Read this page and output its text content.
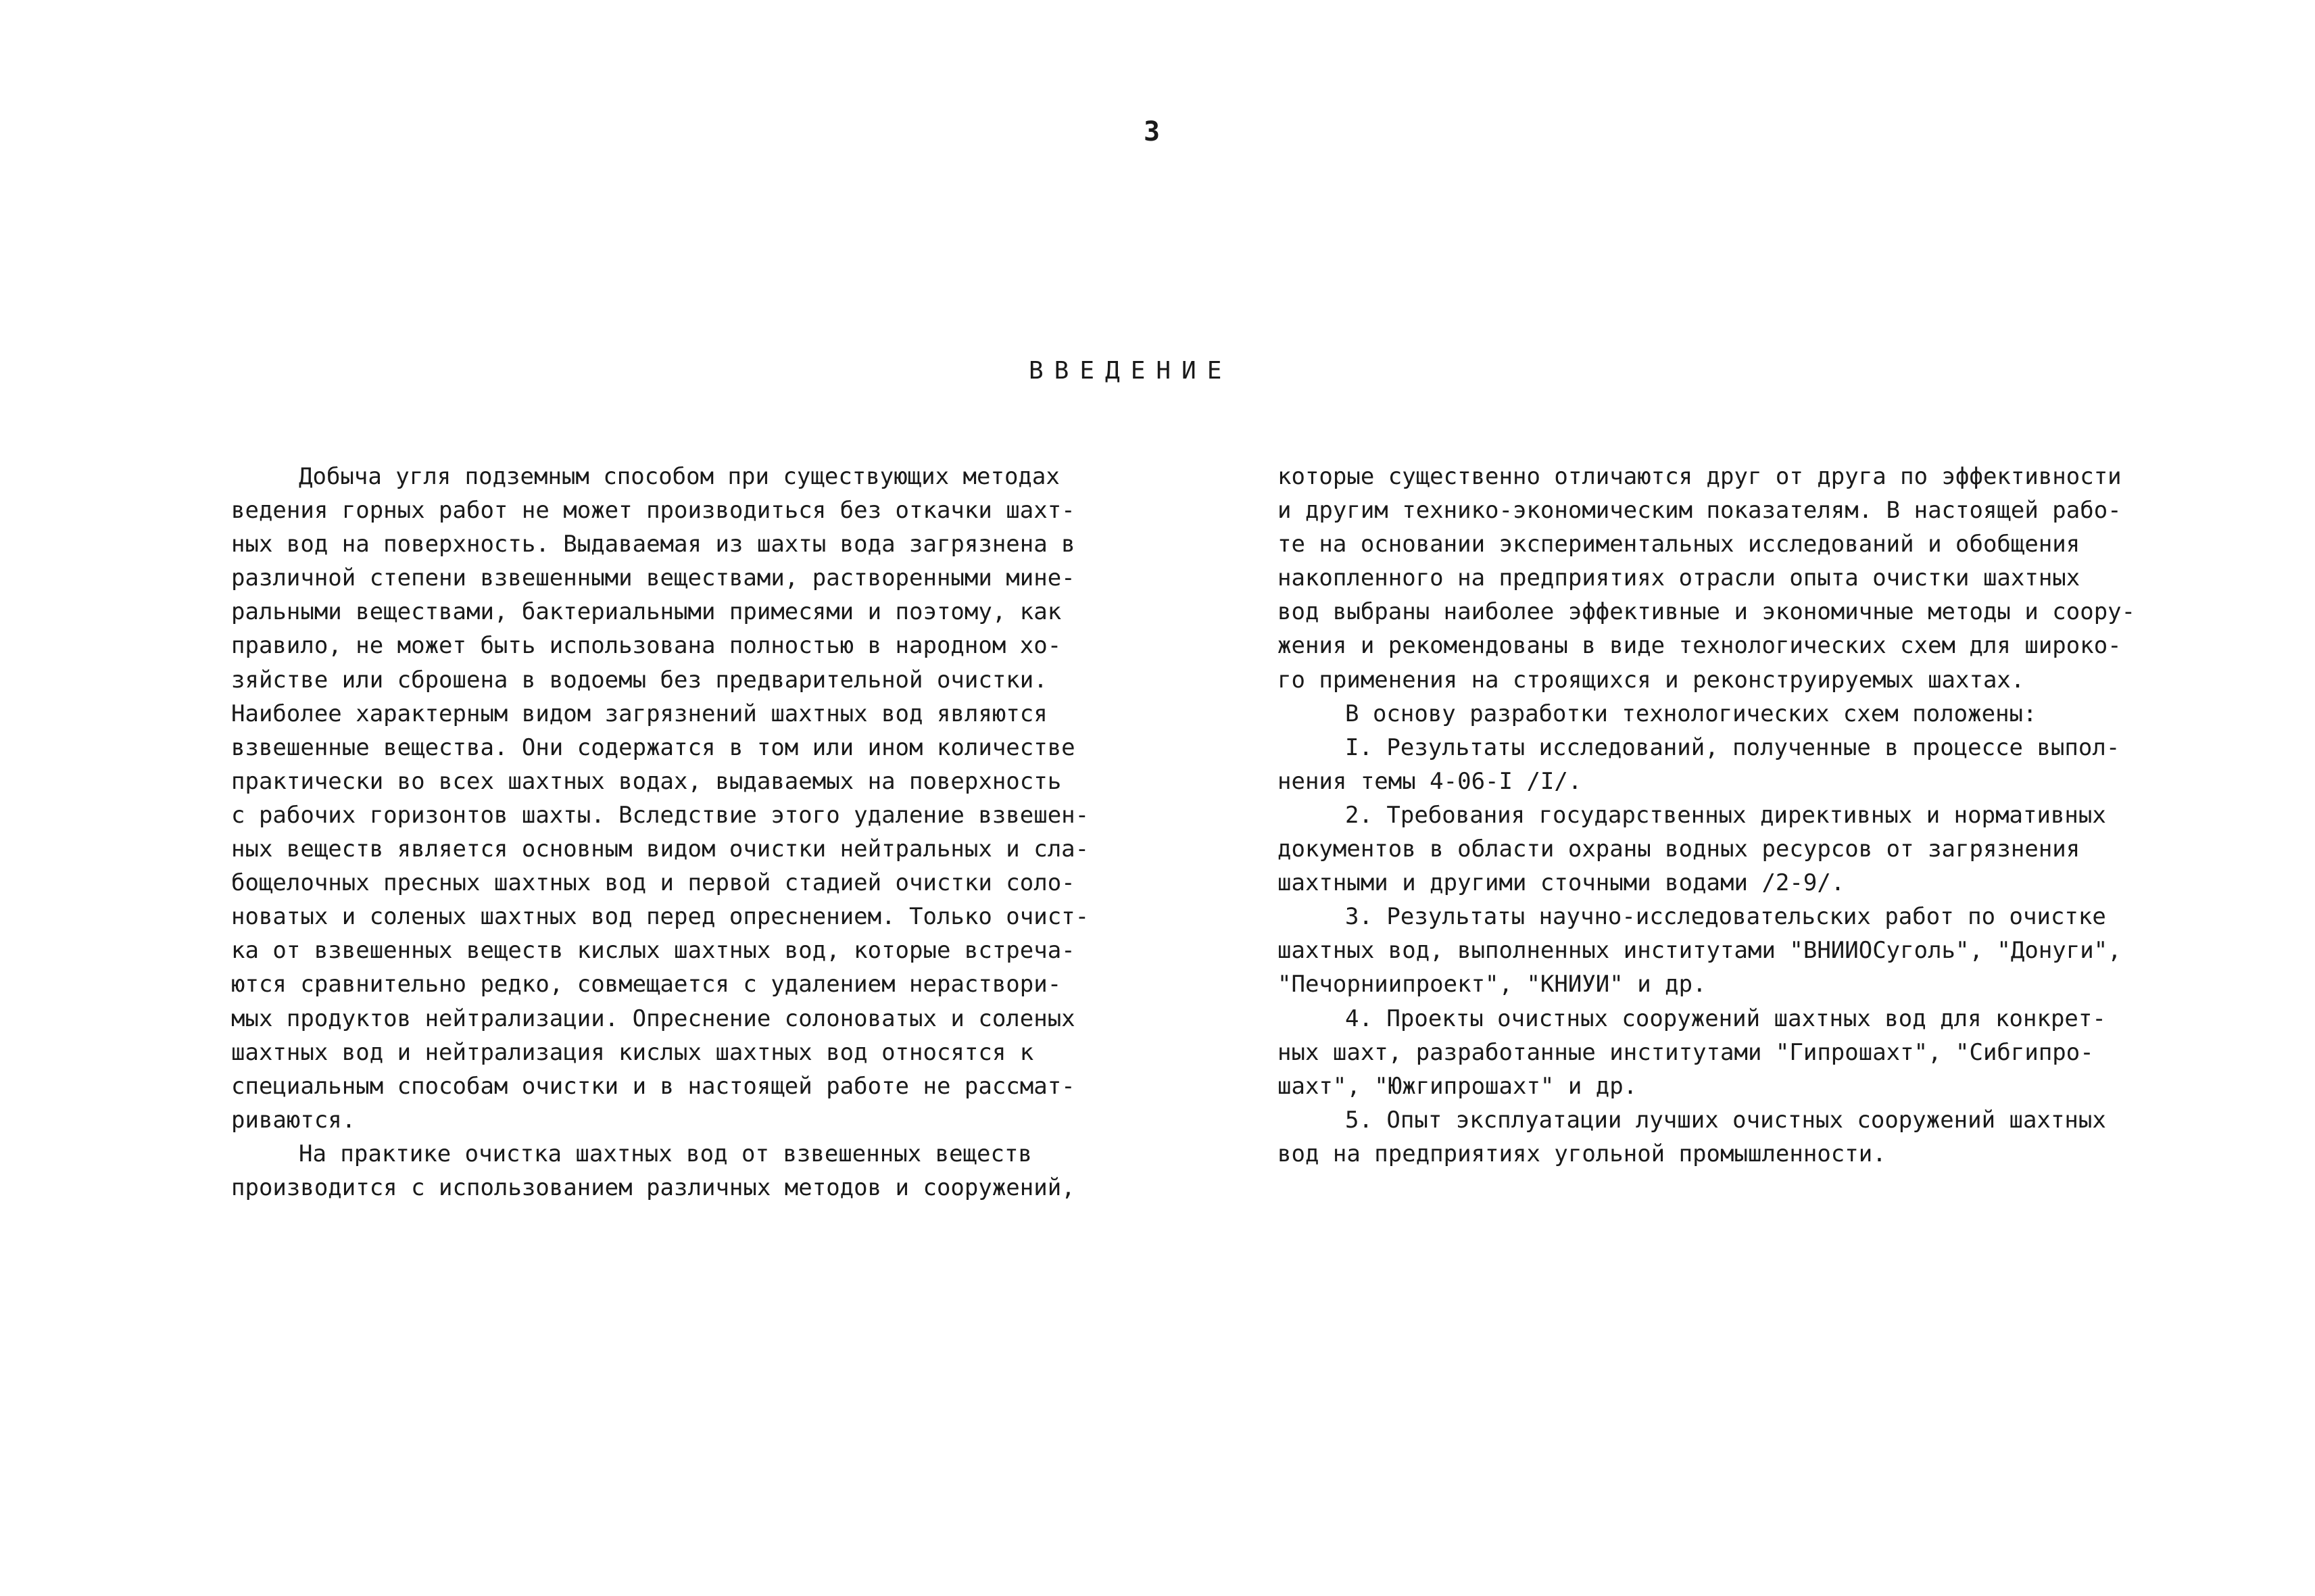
3
ВВЕДЕНИЕ
Добыча угля подземным способом при существующих методах
ведения горных работ не может производиться без откачки шахт-
ных вод на поверхность. Выдаваемая из шахты вода загрязнена в
различной степени взвешенными веществами, растворенными мине-
ральными веществами, бактериальными примесями и поэтому, как
правило, не может быть использована полностью в народном хо-
зяйстве или сброшена в водоемы без предварительной очистки.
Наиболее характерным видом загрязнений шахтных вод являются
взвешенные вещества. Они содержатся в том или ином количестве
практически во всех шахтных водах, выдаваемых на поверхность
с рабочих горизонтов шахты. Вследствие этого удаление взвешен-
ных веществ является основным видом очистки нейтральных и сла-
бощелочных пресных шахтных вод и первой стадией очистки соло-
новатых и соленых шахтных вод перед опреснением. Только очист-
ка от взвешенных веществ кислых шахтных вод, которые встреча-
ются сравнительно редко, совмещается с удалением нераствори-
мых продуктов нейтрализации. Опреснение солоноватых и соленых
шахтных вод и нейтрализация кислых шахтных вод относятся к
специальным способам очистки и в настоящей работе не рассмат-
риваются.
На практике очистка шахтных вод от взвешенных веществ
производится с использованием различных методов и сооружений,
которые существенно отличаются друг от друга по эффективности
и другим технико-экономическим показателям. В настоящей рабо-
те на основании экспериментальных исследований и обобщения
накопленного на предприятиях отрасли опыта очистки шахтных
вод выбраны наиболее эффективные и экономичные методы и соору-
жения и рекомендованы в виде технологических схем для широко-
го применения на строящихся и реконструируемых шахтах.
В основу разработки технологических схем положены:
I. Результаты исследований, полученные в процессе выпол-
нения темы 4-06-I /I/.
2. Требования государственных директивных и нормативных
документов в области охраны водных ресурсов от загрязнения
шахтными и другими сточными водами /2-9/.
3. Результаты научно-исследовательских работ по очистке
шахтных вод, выполненных институтами "ВНИИОСуголь", "Донуги",
"Печорниипроект", "КНИУИ" и др.
4. Проекты очистных сооружений шахтных вод для конкрет-
ных шахт, разработанные институтами "Гипрошахт", "Сибгипро-
шахт", "Южгипрошахт" и др.
5. Опыт эксплуатации лучших очистных сооружений шахтных
вод на предприятиях угольной промышленности.
